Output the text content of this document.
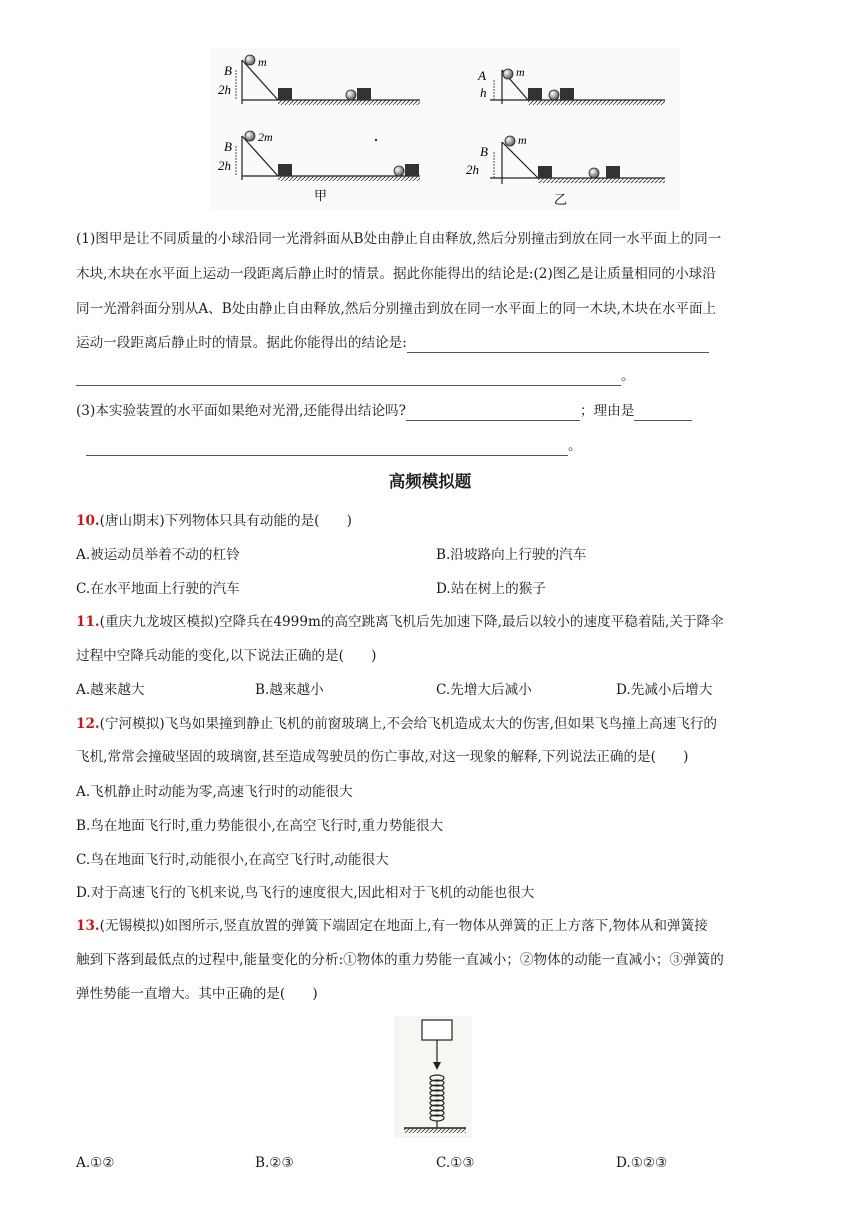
B
m
2h
A	m
h
B
2m
2h
B
m
2h
甲	乙
(1)图甲是让不同质量的小球沿同一光滑斜面从B处由静止自由释放,然后分别撞击到放在同一水平面上的同一
木块,木块在水平面上运动一段距离后静止时的情景。据此你能得出的结论是:(2)图乙是让质量相同的小球沿
同一光滑斜面分别从A、B处由静止自由释放,然后分别撞击到放在同一水平面上的同一木块,木块在水平面上
运动一段距离后静止时的情景。据此你能得出的结论是:
。
(3)本实验装置的水平面如果绝对光滑,还能得出结论吗?	；理由是
。
高频模拟题
10.(唐山期末)下列物体只具有动能的是(　　)
A.被运动员举着不动的杠铃	B.沿坡路向上行驶的汽车
C.在水平地面上行驶的汽车	D.站在树上的猴子
11.(重庆九龙坡区模拟)空降兵在4999m的高空跳离飞机后先加速下降,最后以较小的速度平稳着陆,关于降伞
过程中空降兵动能的变化,以下说法正确的是(　　)
A.越来越大	B.越来越小	C.先增大后减小	D.先减小后增大
12.(宁河模拟)飞鸟如果撞到静止飞机的前窗玻璃上,不会给飞机造成太大的伤害,但如果飞鸟撞上高速飞行的
飞机,常常会撞破坚固的玻璃窗,甚至造成驾驶员的伤亡事故,对这一现象的解释,下列说法正确的是(　　)
A.飞机静止时动能为零,高速飞行时的动能很大
B.鸟在地面飞行时,重力势能很小,在高空飞行时,重力势能很大
C.鸟在地面飞行时,动能很小,在高空飞行时,动能很大
D.对于高速飞行的飞机来说,鸟飞行的速度很大,因此相对于飞机的动能也很大
13.(无锡模拟)如图所示,竖直放置的弹簧下端固定在地面上,有一物体从弹簧的正上方落下,物体从和弹簧接
触到下落到最低点的过程中,能量变化的分析:①物体的重力势能一直减小；②物体的动能一直减小；③弹簧的
弹性势能一直增大。其中正确的是(　　)
A.①②	B.②③	C.①③	D.①②③
